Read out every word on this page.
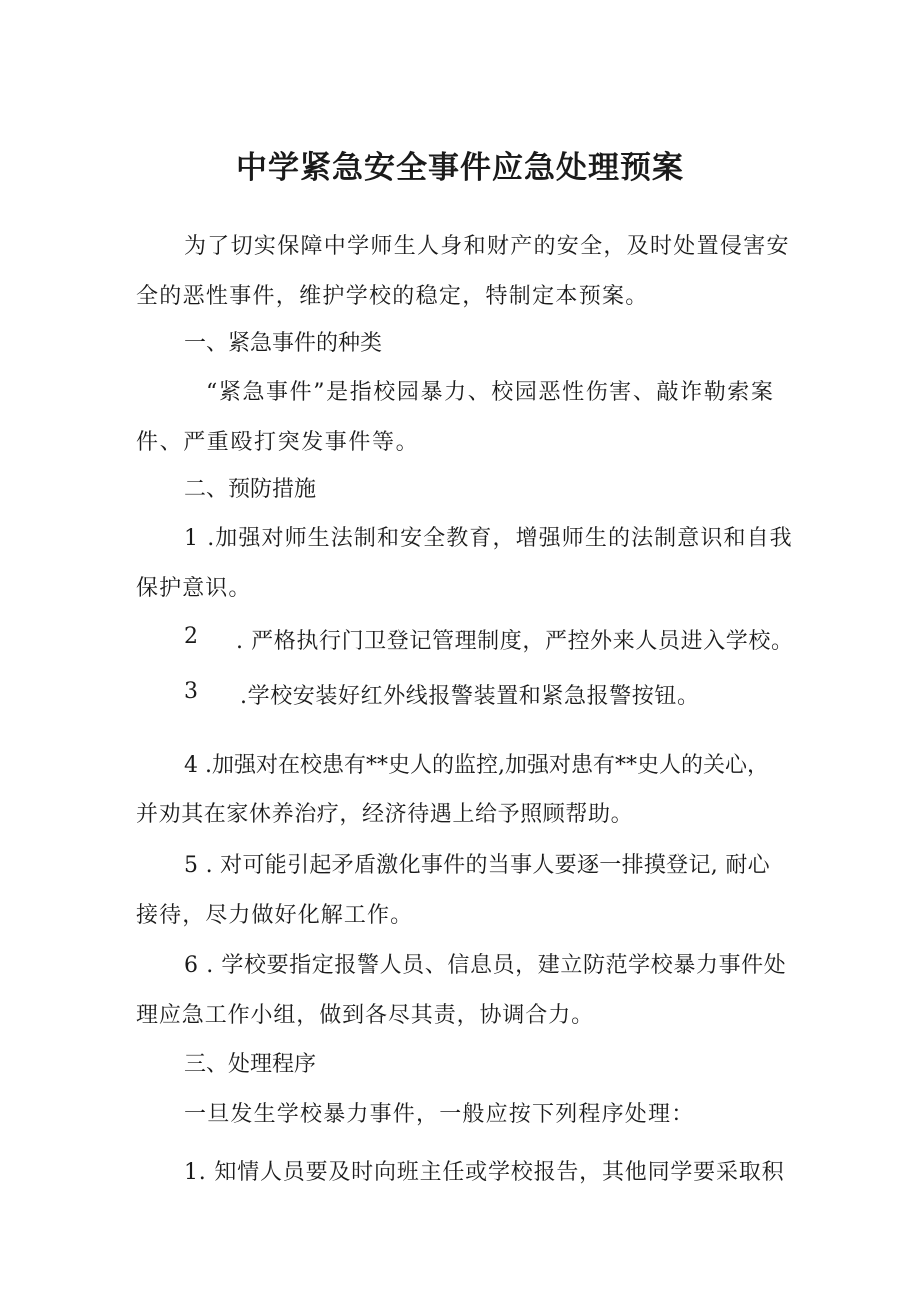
中学紧急安全事件应急处理预案

为了切实保障中学师生人身和财产的安全，及时处置侵害安

全的恶性事件，维护学校的稳定，特制定本预案。

一、紧急事件的种类

“紧急事件”是指校园暴力、校园恶性伤害、敲诈勒索案

件、严重殴打突发事件等。

二、预防措施

1 .加强对师生法制和安全教育，增强师生的法制意识和自我

保护意识。

2 . 严格执行门卫登记管理制度，严控外来人员进入学校。

3 .学校安装好红外线报警装置和紧急报警按钮。

4 .加强对在校患有**史人的监控,加强对患有**史人的关心，

并劝其在家休养治疗，经济待遇上给予照顾帮助。

5 . 对可能引起矛盾激化事件的当事人要逐一排摸登记, 耐心

接待，尽力做好化解工作。

6 . 学校要指定报警人员、信息员，建立防范学校暴力事件处

理应急工作小组，做到各尽其责，协调合力。

三、处理程序

一旦发生学校暴力事件，一般应按下列程序处理：

1. 知情人员要及时向班主任或学校报告，其他同学要采取积
